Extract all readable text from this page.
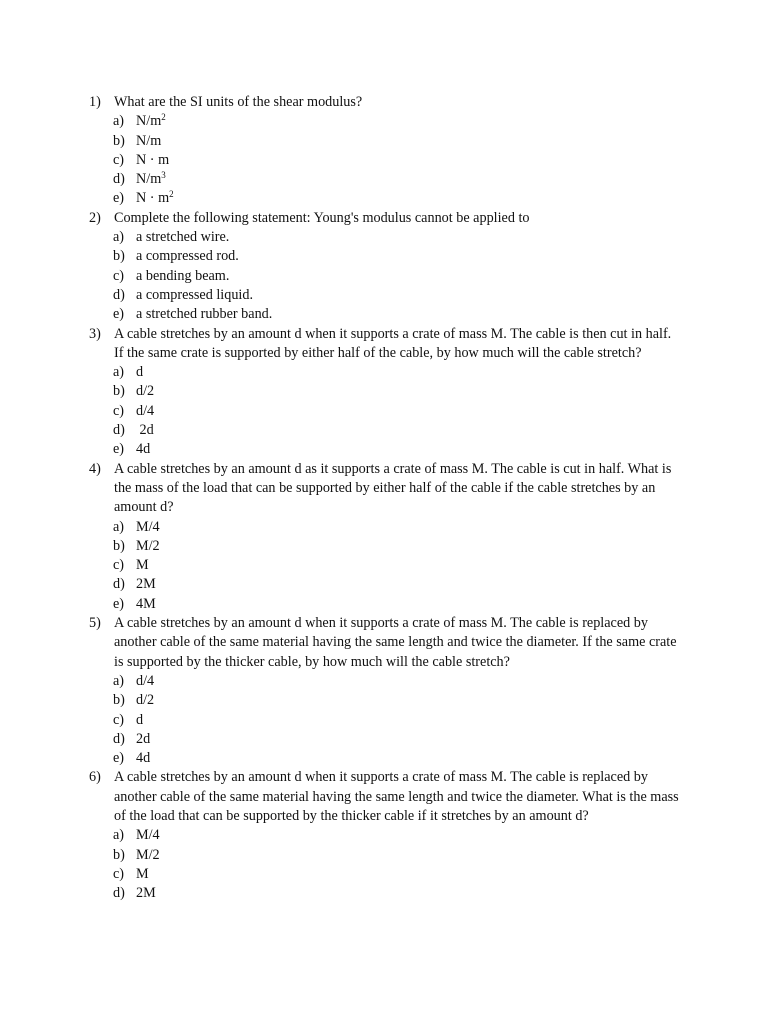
1) What are the SI units of the shear modulus?
a) $N/m^2$
b) N/m
c) N · m
d) $N/m^3$
e) $N \cdot m^2$
2) Complete the following statement: Young's modulus cannot be applied to
a) a stretched wire.
b) a compressed rod.
c) a bending beam.
d) a compressed liquid.
e) a stretched rubber band.
3) A cable stretches by an amount d when it supports a crate of mass M. The cable is then cut in half. If the same crate is supported by either half of the cable, by how much will the cable stretch?
a) d
b) d/2
c) d/4
d) 2d
e) 4d
4) A cable stretches by an amount d as it supports a crate of mass M. The cable is cut in half. What is the mass of the load that can be supported by either half of the cable if the cable stretches by an amount d?
a) M/4
b) M/2
c) M
d) 2M
e) 4M
5) A cable stretches by an amount d when it supports a crate of mass M. The cable is replaced by another cable of the same material having the same length and twice the diameter. If the same crate is supported by the thicker cable, by how much will the cable stretch?
a) d/4
b) d/2
c) d
d) 2d
e) 4d
6) A cable stretches by an amount d when it supports a crate of mass M. The cable is replaced by another cable of the same material having the same length and twice the diameter. What is the mass of the load that can be supported by the thicker cable if it stretches by an amount d?
a) M/4
b) M/2
c) M
d) 2M
